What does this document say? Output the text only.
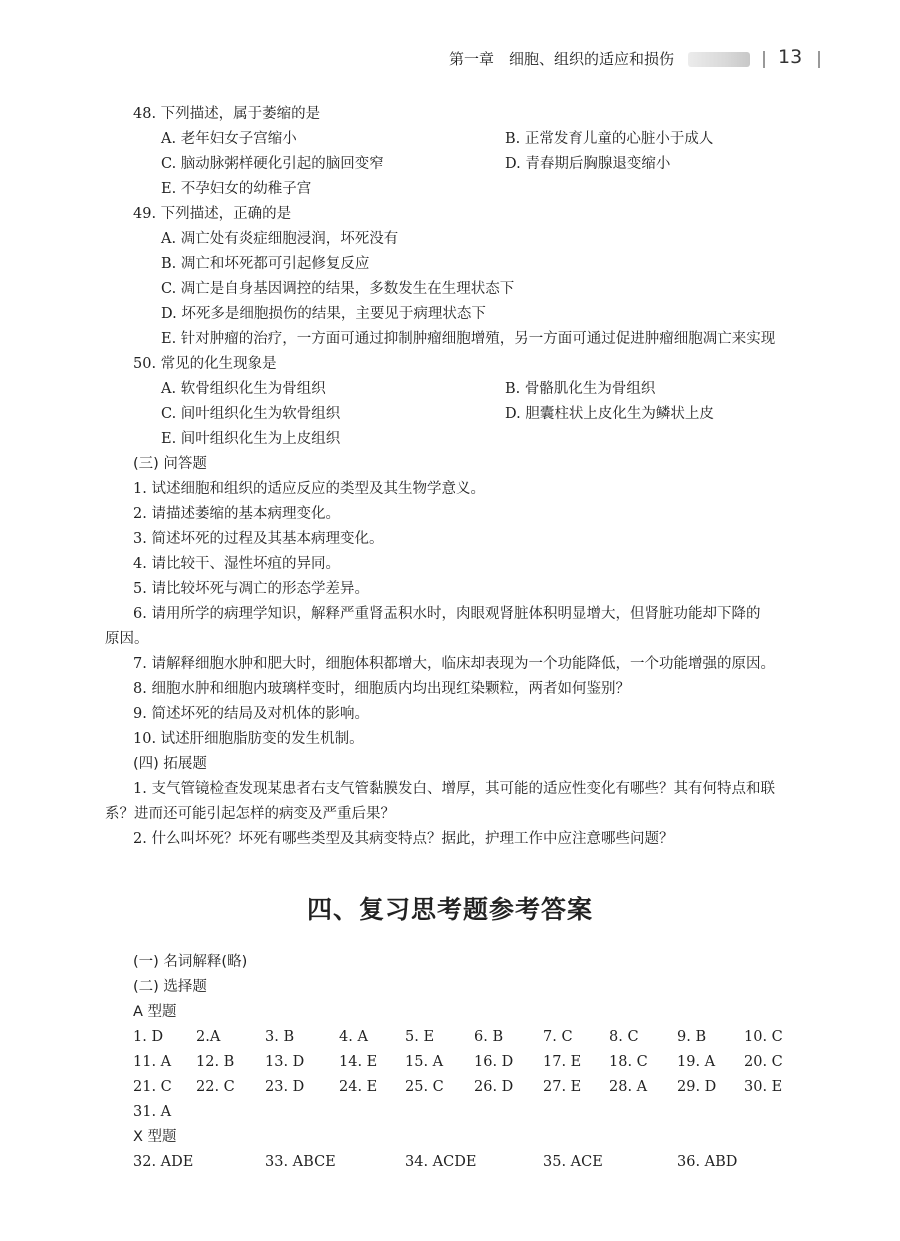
第一章　细胞、组织的适应和损伤	13
48. 下列描述，属于萎缩的是
A. 老年妇女子宫缩小	B. 正常发育儿童的心脏小于成人
C. 脑动脉粥样硬化引起的脑回变窄	D. 青春期后胸腺退变缩小
E. 不孕妇女的幼稚子宫
49. 下列描述，正确的是
A. 凋亡处有炎症细胞浸润，坏死没有
B. 凋亡和坏死都可引起修复反应
C. 凋亡是自身基因调控的结果，多数发生在生理状态下
D. 坏死多是细胞损伤的结果，主要见于病理状态下
E. 针对肿瘤的治疗，一方面可通过抑制肿瘤细胞增殖，另一方面可通过促进肿瘤细胞凋亡来实现
50. 常见的化生现象是
A. 软骨组织化生为骨组织	B. 骨骼肌化生为骨组织
C. 间叶组织化生为软骨组织	D. 胆囊柱状上皮化生为鳞状上皮
E. 间叶组织化生为上皮组织
(三) 问答题
1. 试述细胞和组织的适应反应的类型及其生物学意义。
2. 请描述萎缩的基本病理变化。
3. 简述坏死的过程及其基本病理变化。
4. 请比较干、湿性坏疽的异同。
5. 请比较坏死与凋亡的形态学差异。
6. 请用所学的病理学知识，解释严重肾盂积水时，肉眼观肾脏体积明显增大，但肾脏功能却下降的
原因。
7. 请解释细胞水肿和肥大时，细胞体积都增大，临床却表现为一个功能降低，一个功能增强的原因。
8. 细胞水肿和细胞内玻璃样变时，细胞质内均出现红染颗粒，两者如何鉴别？
9. 简述坏死的结局及对机体的影响。
10. 试述肝细胞脂肪变的发生机制。
(四) 拓展题
1. 支气管镜检查发现某患者右支气管黏膜发白、增厚，其可能的适应性变化有哪些？其有何特点和联
系？进而还可能引起怎样的病变及严重后果？
2. 什么叫坏死？坏死有哪些类型及其病变特点？据此，护理工作中应注意哪些问题？
四、复习思考题参考答案
(一) 名词解释(略)
(二) 选择题
A 型题
1. D 2.A	3. B	4. A	5. E	6. B	7. C	8. C	9. B	10. C
11. A 12. B 13. D 14. E 15. A 16. D 17. E 18. C 19. A 20. C
21. C 22. C 23. D 24. E 25. C 26. D 27. E 28. A 29. D 30. E
31. A
X 型题
32. ADE	33. ABCE	34. ACDE	35. ACE	36. ABD
